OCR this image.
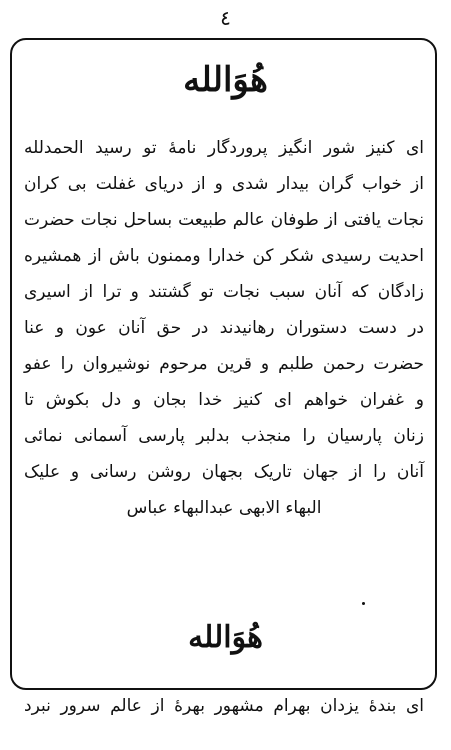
٤
هُوَالله
ای کنیز شور انگیز پروردگار نامهٔ تو رسید الحمدلله
از خواب گران بیدار شدی و از دریای غفلت بی کران
نجات یافتی از طوفان عالم طبیعت بساحل نجات حضرت
احدیت رسیدی شکر کن خدارا وممنون باش از همشیره
زادگان که آنان سبب نجات تو گشتند و ترا از اسیری
در دست دستوران رهانیدند در حق آنان عون و عنا
حضرت رحمن طلبم و قرین مرحوم نوشیروان را عفو
و غفران خواهم ای کنیز خدا بجان و دل بکوش تا
زنان پارسیان را منجذب بدلبر پارسی آسمانی نمائی
آنان را از جهان تاریک بجهان روشن رسانی و علیک
البهاء الابهی عبدالبهاء عباس
هُوَالله
ای بندهٔ یزدان بهرام مشهور بهرهٔ از عالم سرور نبرد
